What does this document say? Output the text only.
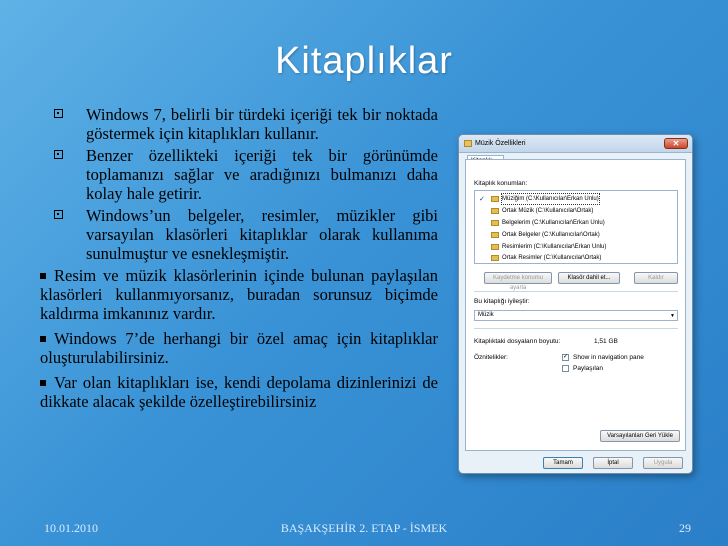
Kitaplıklar
Windows 7, belirli bir türdeki içeriği tek bir noktada göstermek için kitaplıkları kullanır.
Benzer özellikteki içeriği tek bir görünümde toplamanızı sağlar ve aradığınızı bulmanızı daha kolay hale getirir.
Windows’un belgeler, resimler, müzikler gibi varsayılan klasörleri kitaplıklar olarak kullanıma sunulmuştur ve esnekleşmiştir.
Resim ve müzik klasörlerinin içinde bulunan paylaşılan klasörleri kullanmıyorsanız, buradan sorunsuz biçimde kaldırma imkanınız vardır.
Windows 7’de herhangi bir özel amaç için kitaplıklar oluşturulabilirsiniz.
Var olan kitaplıkları ise, kendi depolama dizinlerinizi de dikkate alacak şekilde özelleştirebilirsiniz
Müzik Özellikleri	✕
Kitaplık konumları:
✓	Müziğim (C:\Kullanıcılar\Erkan Unlu)
Ortak Müzik (C:\Kullanıcılar\Ortak)
Belgelerim (C:\Kullanıcılar\Erkan Unlu)
Ortak Belgeler (C:\Kullanıcılar\Ortak)
Resimlerim (C:\Kullanıcılar\Erkan Unlu)
Ortak Resimler (C:\Kullanıcılar\Ortak)
Kaydetme konumu ayarla
Klasör dahil et...	Kaldır
Bu kitaplığı iyileştir:
Müzik	▼
Kitaplıktaki dosyaların boyutu:	1,51 GB
Öznitelikler:	✓ Show in navigation pane
Paylaşılan
Varsayılanları Geri Yükle
Tamam	İptal	Uygula
10.01.2010	BAŞAKŞEHİR 2. ETAP - İSMEK	29
